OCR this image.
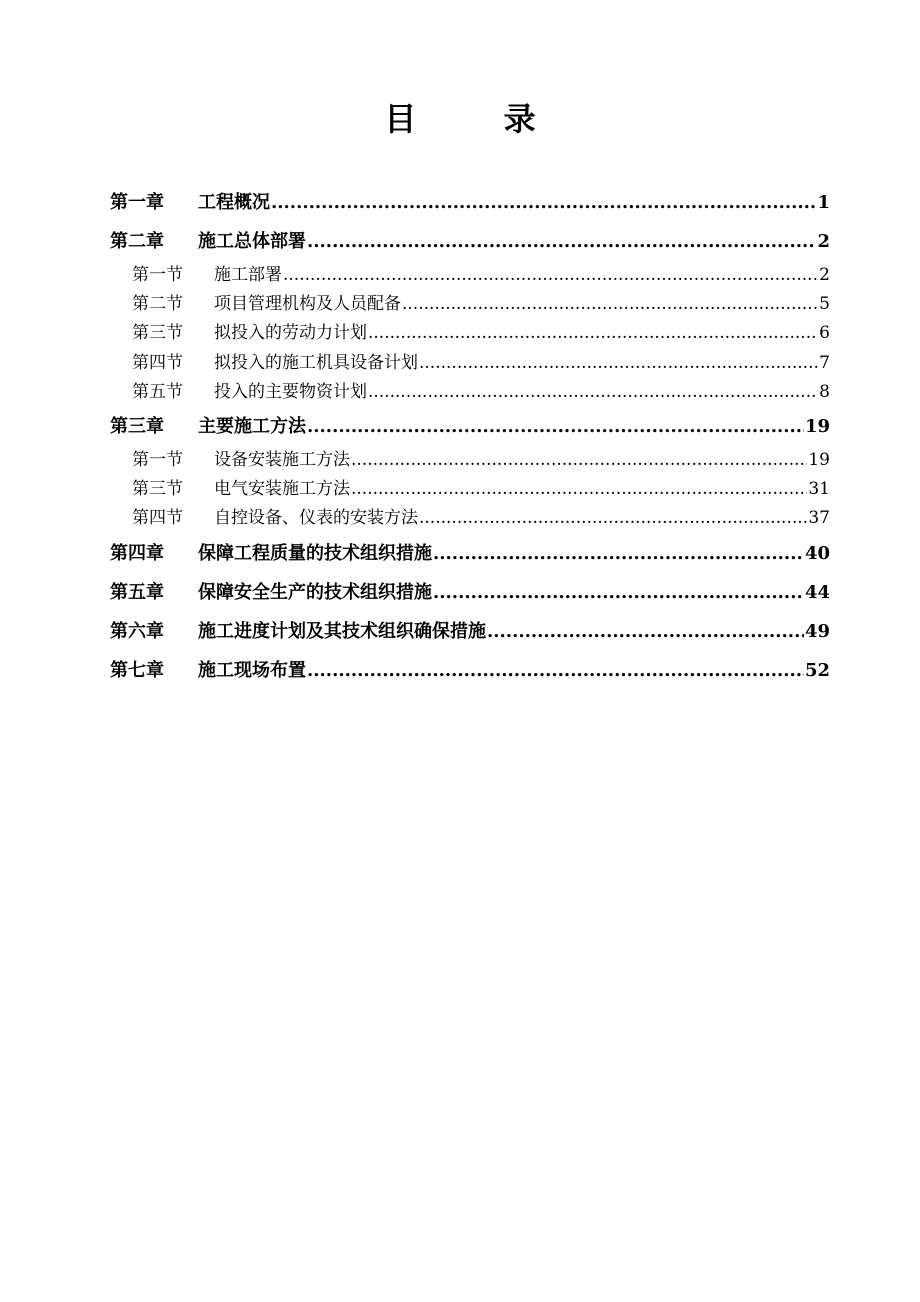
目 录
第一章	工程概况 .....	1
第二章	施工总体部署 .....	2
第一节	施工部署 .....	2
第二节	项目管理机构及人员配备 .....	5
第三节	拟投入的劳动力计划 .....	6
第四节	拟投入的施工机具设备计划 .....	7
第五节	投入的主要物资计划 .....	8
第三章	主要施工方法 .....	19
第一节	设备安装施工方法 .....	19
第三节	电气安装施工方法 .....	31
第四节	自控设备、仪表的安装方法 .....	37
第四章	保障工程质量的技术组织措施 .....	40
第五章	保障安全生产的技术组织措施 .....	44
第六章	施工进度计划及其技术组织确保措施 .....	49
第七章	施工现场布置 .....	52
